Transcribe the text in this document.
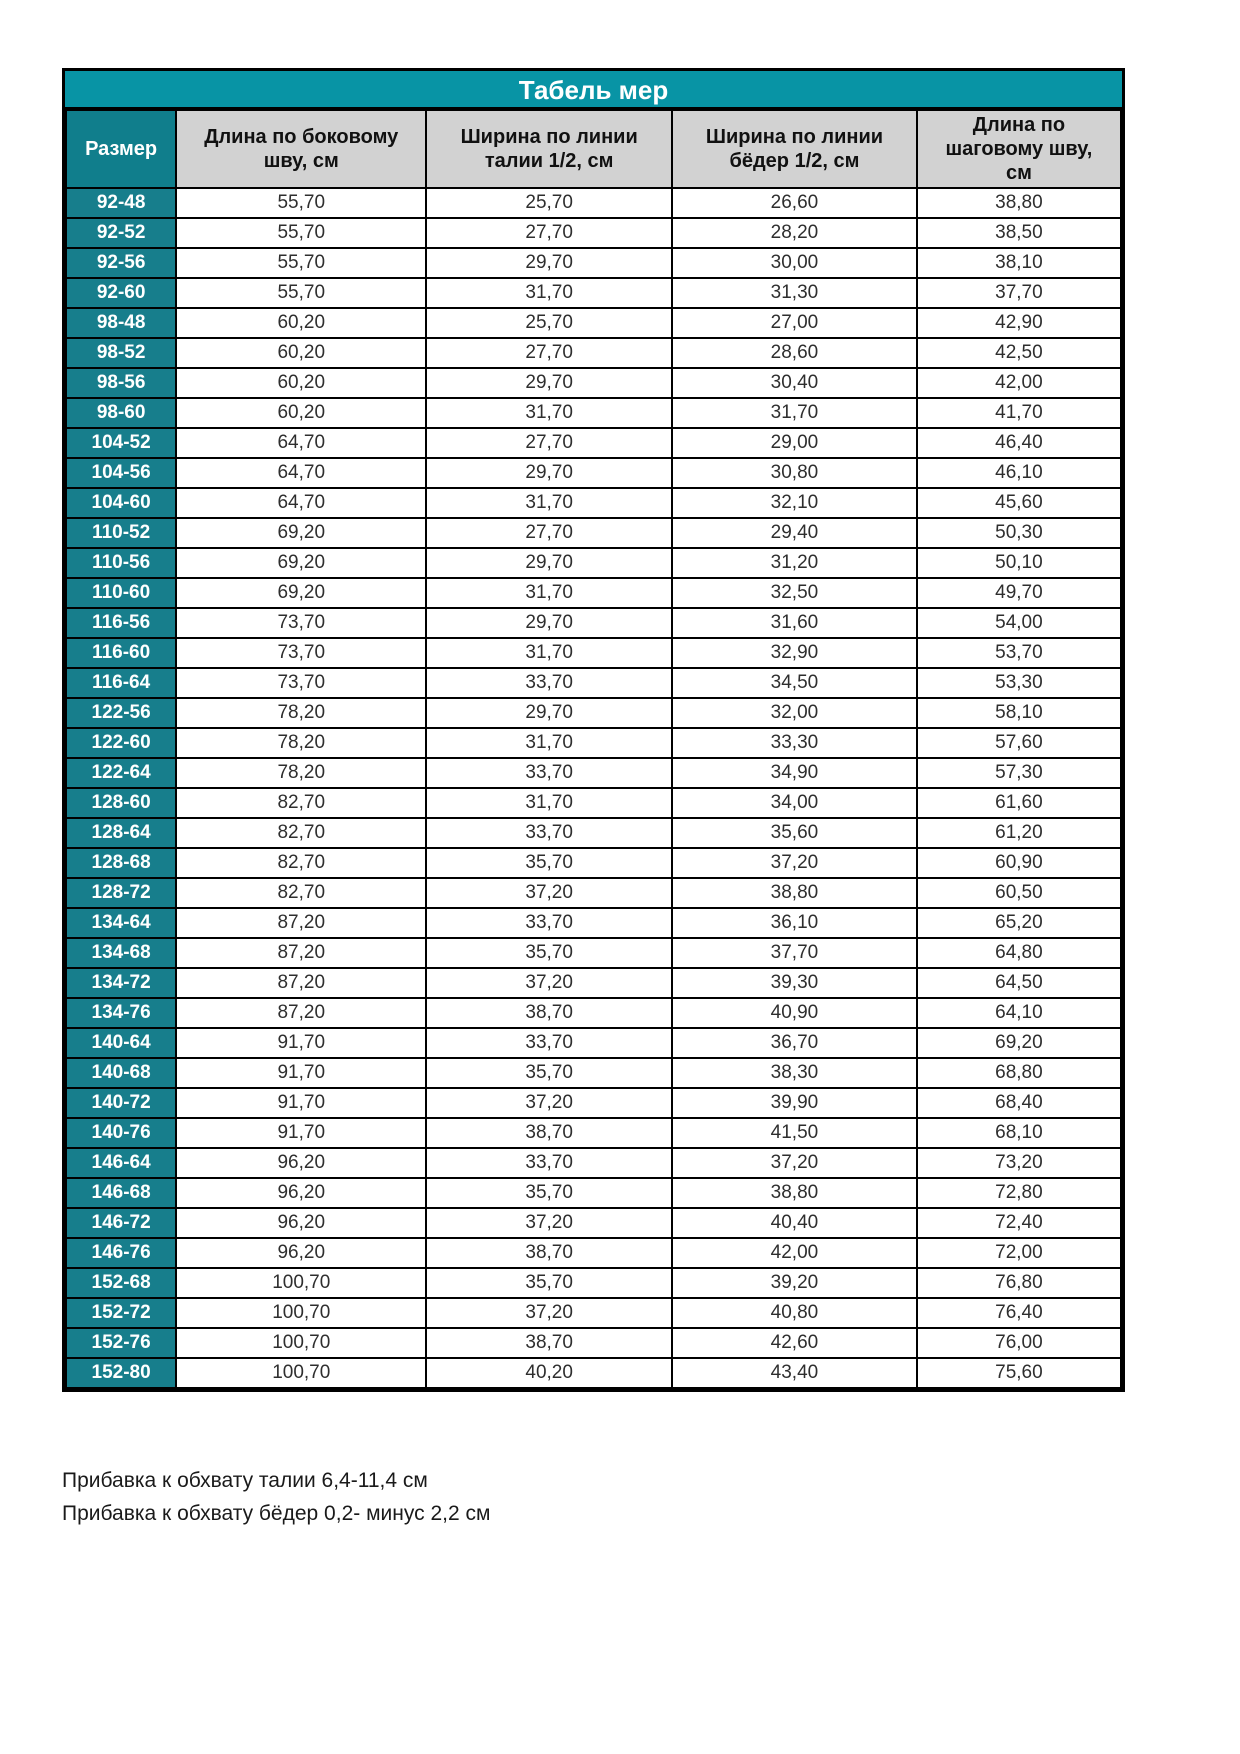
Табель мер
Размер	Длина по боковому шву, см	Ширина по линии талии 1/2, см	Ширина по линии бёдер 1/2, см	Длина по шаговому шву, см
92-48	55,70	25,70	26,60	38,80
92-52	55,70	27,70	28,20	38,50
92-56	55,70	29,70	30,00	38,10
92-60	55,70	31,70	31,30	37,70
98-48	60,20	25,70	27,00	42,90
98-52	60,20	27,70	28,60	42,50
98-56	60,20	29,70	30,40	42,00
98-60	60,20	31,70	31,70	41,70
104-52	64,70	27,70	29,00	46,40
104-56	64,70	29,70	30,80	46,10
104-60	64,70	31,70	32,10	45,60
110-52	69,20	27,70	29,40	50,30
110-56	69,20	29,70	31,20	50,10
110-60	69,20	31,70	32,50	49,70
116-56	73,70	29,70	31,60	54,00
116-60	73,70	31,70	32,90	53,70
116-64	73,70	33,70	34,50	53,30
122-56	78,20	29,70	32,00	58,10
122-60	78,20	31,70	33,30	57,60
122-64	78,20	33,70	34,90	57,30
128-60	82,70	31,70	34,00	61,60
128-64	82,70	33,70	35,60	61,20
128-68	82,70	35,70	37,20	60,90
128-72	82,70	37,20	38,80	60,50
134-64	87,20	33,70	36,10	65,20
134-68	87,20	35,70	37,70	64,80
134-72	87,20	37,20	39,30	64,50
134-76	87,20	38,70	40,90	64,10
140-64	91,70	33,70	36,70	69,20
140-68	91,70	35,70	38,30	68,80
140-72	91,70	37,20	39,90	68,40
140-76	91,70	38,70	41,50	68,10
146-64	96,20	33,70	37,20	73,20
146-68	96,20	35,70	38,80	72,80
146-72	96,20	37,20	40,40	72,40
146-76	96,20	38,70	42,00	72,00
152-68	100,70	35,70	39,20	76,80
152-72	100,70	37,20	40,80	76,40
152-76	100,70	38,70	42,60	76,00
152-80	100,70	40,20	43,40	75,60
Прибавка к обхвату талии 6,4-11,4 см
Прибавка к обхвату бёдер 0,2- минус 2,2 см
